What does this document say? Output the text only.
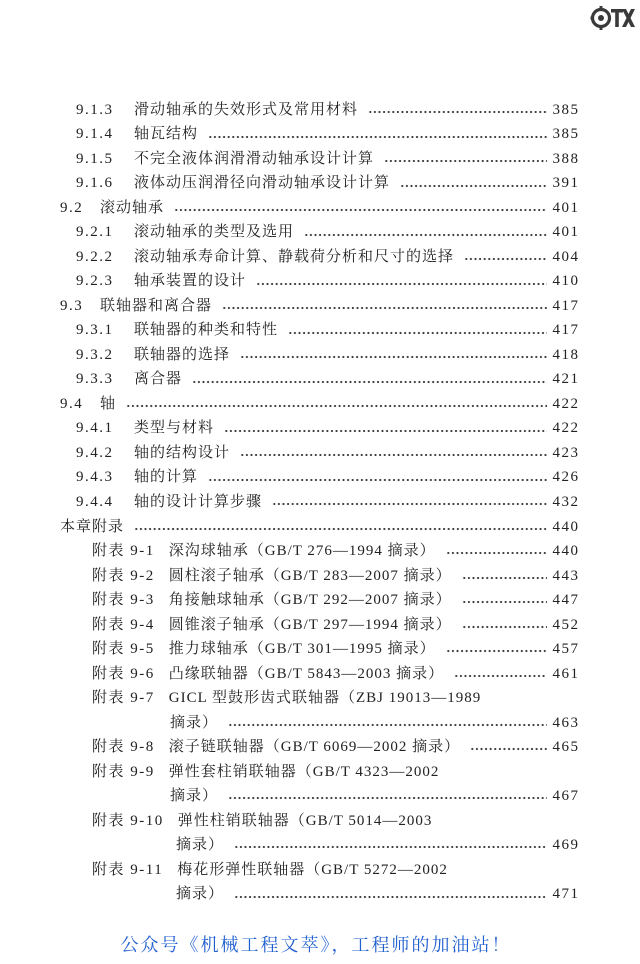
9.1.3	滑动轴承的失效形式及常用材料	385
9.1.4	轴瓦结构	385
9.1.5	不完全液体润滑滑动轴承设计计算	388
9.1.6	液体动压润滑径向滑动轴承设计计算	391
9.2	滚动轴承	401
9.2.1	滚动轴承的类型及选用	401
9.2.2	滚动轴承寿命计算、静载荷分析和尺寸的选择	404
9.2.3	轴承装置的设计	410
9.3	联轴器和离合器	417
9.3.1	联轴器的种类和特性	417
9.3.2	联轴器的选择	418
9.3.3	离合器	421
9.4	轴	422
9.4.1	类型与材料	422
9.4.2	轴的结构设计	423
9.4.3	轴的计算	426
9.4.4	轴的设计计算步骤	432
本章附录	440
附表 9-1 深沟球轴承（GB/T 276—1994 摘录）	440
附表 9-2 圆柱滚子轴承（GB/T 283—2007 摘录）	443
附表 9-3 角接触球轴承（GB/T 292—2007 摘录）	447
附表 9-4 圆锥滚子轴承（GB/T 297—1994 摘录）	452
附表 9-5 推力球轴承（GB/T 301—1995 摘录）	457
附表 9-6 凸缘联轴器（GB/T 5843—2003 摘录）	461
附表 9-7 GICL 型鼓形齿式联轴器（ZBJ 19013—1989
摘录）	463
附表 9-8 滚子链联轴器（GB/T 6069—2002 摘录）	465
附表 9-9 弹性套柱销联轴器（GB/T 4323—2002
摘录）	467
附表 9-10 弹性柱销联轴器（GB/T 5014—2003
摘录）	469
附表 9-11 梅花形弹性联轴器（GB/T 5272—2002
摘录）	471
公众号《机械工程文萃》，工程师的加油站！
